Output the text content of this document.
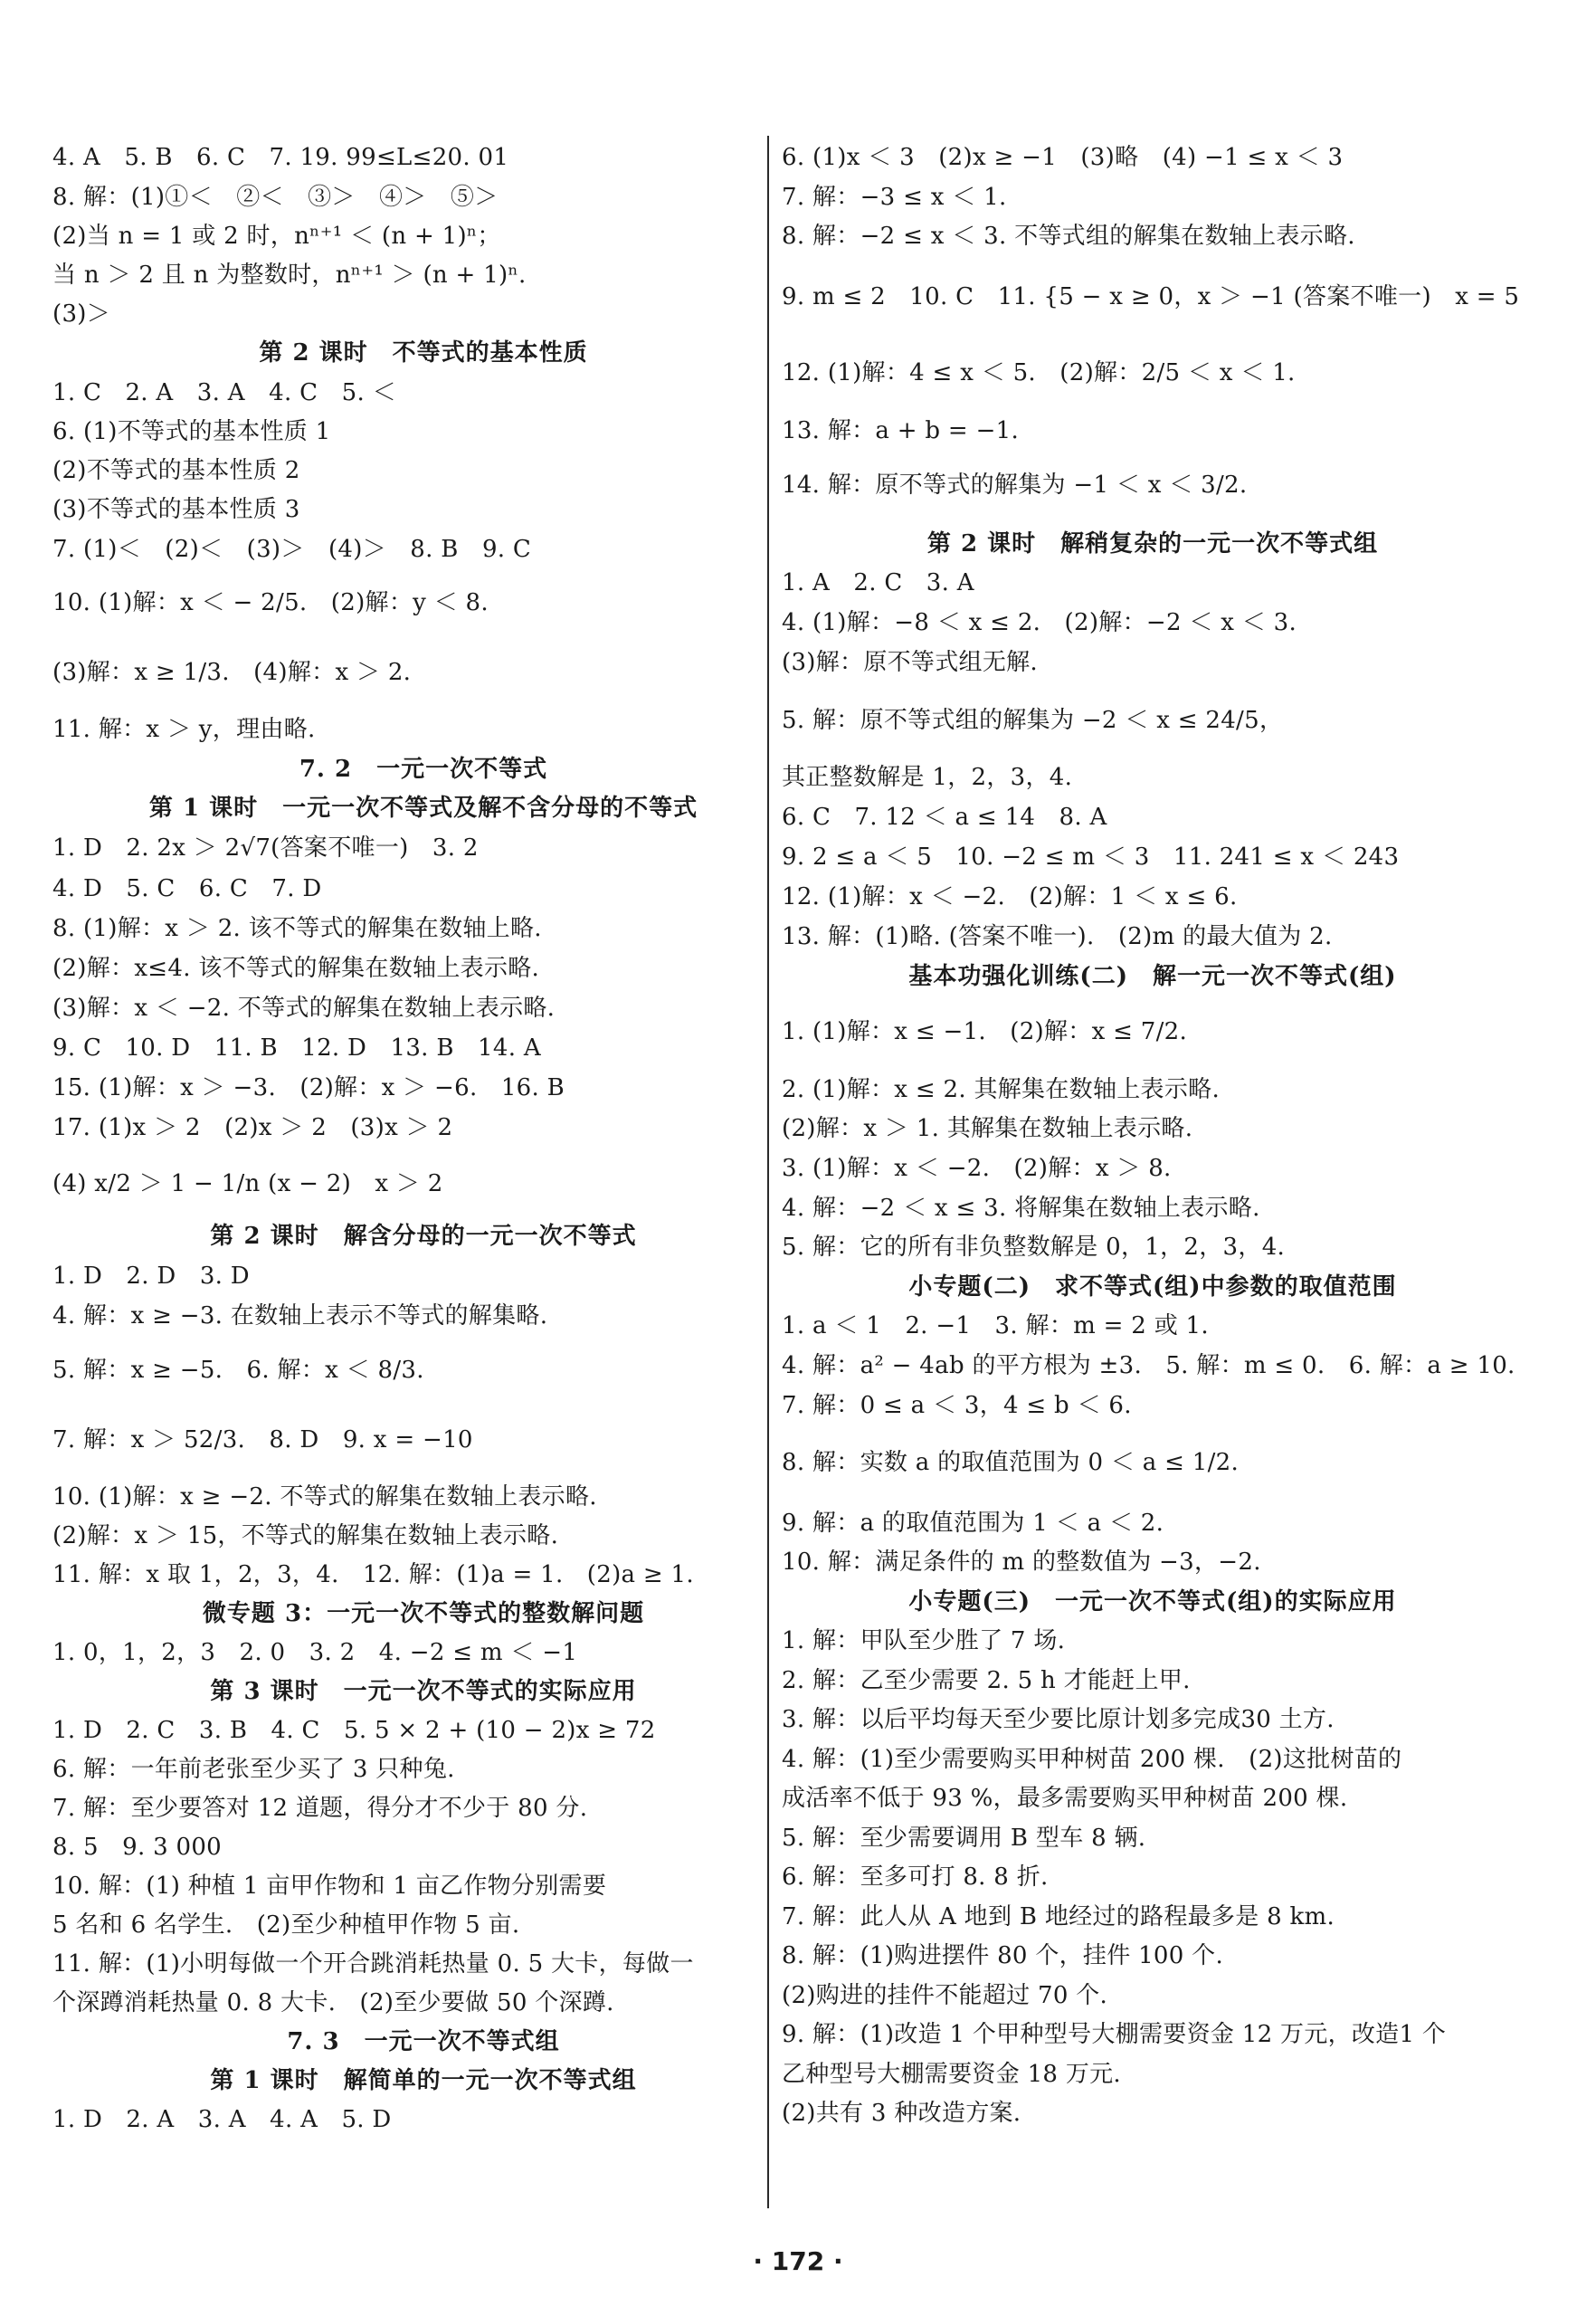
4. A　5. B　6. C　7. 19. 99≤L≤20. 01
8. 解：(1)①＜　②＜　③＞　④＞　⑤＞
(2)当 n = 1 或 2 时，nⁿ⁺¹ ＜ (n + 1)ⁿ；
当 n ＞ 2 且 n 为整数时，nⁿ⁺¹ ＞ (n + 1)ⁿ.
(3)＞
第 2 课时　不等式的基本性质
1. C　2. A　3. A　4. C　5. ＜
6. (1)不等式的基本性质 1
(2)不等式的基本性质 2
(3)不等式的基本性质 3
7. (1)＜　(2)＜　(3)＞　(4)＞　8. B　9. C
10. (1)解：x ＜ − 2/5.　(2)解：y ＜ 8.
(3)解：x ≥ 1/3.　(4)解：x ＞ 2.
11. 解：x ＞ y，理由略.
7. 2　一元一次不等式
第 1 课时　一元一次不等式及解不含分母的不等式
1. D　2. 2x ＞ 2√7(答案不唯一)　3. 2
4. D　5. C　6. C　7. D
8. (1)解：x ＞ 2. 该不等式的解集在数轴上略.
(2)解：x≤4. 该不等式的解集在数轴上表示略.
(3)解：x ＜ −2. 不等式的解集在数轴上表示略.
9. C　10. D　11. B　12. D　13. B　14. A
15. (1)解：x ＞ −3.　(2)解：x ＞ −6.　16. B
17. (1)x ＞ 2　(2)x ＞ 2　(3)x ＞ 2
(4) x/2 ＞ 1 − 1/n (x − 2)　x ＞ 2
第 2 课时　解含分母的一元一次不等式
1. D　2. D　3. D
4. 解：x ≥ −3. 在数轴上表示不等式的解集略.
5. 解：x ≥ −5.　6. 解：x ＜ 8/3.
7. 解：x ＞ 52/3.　8. D　9. x = −10
10. (1)解：x ≥ −2. 不等式的解集在数轴上表示略.
(2)解：x ＞ 15，不等式的解集在数轴上表示略.
11. 解：x 取 1，2，3，4.　12. 解：(1)a = 1.　(2)a ≥ 1.
微专题 3：一元一次不等式的整数解问题
1. 0，1，2，3　2. 0　3. 2　4. −2 ≤ m ＜ −1
第 3 课时　一元一次不等式的实际应用
1. D　2. C　3. B　4. C　5. 5 × 2 + (10 − 2)x ≥ 72
6. 解：一年前老张至少买了 3 只种兔.
7. 解：至少要答对 12 道题，得分才不少于 80 分.
8. 5　9. 3 000
10. 解：(1) 种植 1 亩甲作物和 1 亩乙作物分别需要
5 名和 6 名学生.　(2)至少种植甲作物 5 亩.
11. 解：(1)小明每做一个开合跳消耗热量 0. 5 大卡，每做一
个深蹲消耗热量 0. 8 大卡.　(2)至少要做 50 个深蹲.
7. 3　一元一次不等式组
第 1 课时　解简单的一元一次不等式组
1. D　2. A　3. A　4. A　5. D
6. (1)x ＜ 3　(2)x ≥ −1　(3)略　(4) −1 ≤ x ＜ 3
7. 解：−3 ≤ x ＜ 1.
8. 解：−2 ≤ x ＜ 3. 不等式组的解集在数轴上表示略.
9. m ≤ 2　10. C　11. {5 − x ≥ 0，x ＞ −1 (答案不唯一)　x = 5
12. (1)解：4 ≤ x ＜ 5.　(2)解：2/5 ＜ x ＜ 1.
13. 解：a + b = −1.
14. 解：原不等式的解集为 −1 ＜ x ＜ 3/2.
第 2 课时　解稍复杂的一元一次不等式组
1. A　2. C　3. A
4. (1)解：−8 ＜ x ≤ 2.　(2)解：−2 ＜ x ＜ 3.
(3)解：原不等式组无解.
5. 解：原不等式组的解集为 −2 ＜ x ≤ 24/5，
其正整数解是 1，2，3，4.
6. C　7. 12 ＜ a ≤ 14　8. A
9. 2 ≤ a ＜ 5　10. −2 ≤ m ＜ 3　11. 241 ≤ x ＜ 243
12. (1)解：x ＜ −2.　(2)解：1 ＜ x ≤ 6.
13. 解：(1)略. (答案不唯一).　(2)m 的最大值为 2.
基本功强化训练(二)　解一元一次不等式(组)
1. (1)解：x ≤ −1.　(2)解：x ≤ 7/2.
2. (1)解：x ≤ 2. 其解集在数轴上表示略.
(2)解：x ＞ 1. 其解集在数轴上表示略.
3. (1)解：x ＜ −2.　(2)解：x ＞ 8.
4. 解：−2 ＜ x ≤ 3. 将解集在数轴上表示略.
5. 解：它的所有非负整数解是 0，1，2，3，4.
小专题(二)　求不等式(组)中参数的取值范围
1. a ＜ 1　2. −1　3. 解：m = 2 或 1.
4. 解：a² − 4ab 的平方根为 ±3.　5. 解：m ≤ 0.　6. 解：a ≥ 10.
7. 解：0 ≤ a ＜ 3，4 ≤ b ＜ 6.
8. 解：实数 a 的取值范围为 0 ＜ a ≤ 1/2.
9. 解：a 的取值范围为 1 ＜ a ＜ 2.
10. 解：满足条件的 m 的整数值为 −3，−2.
小专题(三)　一元一次不等式(组)的实际应用
1. 解：甲队至少胜了 7 场.
2. 解：乙至少需要 2. 5 h 才能赶上甲.
3. 解：以后平均每天至少要比原计划多完成30 土方.
4. 解：(1)至少需要购买甲种树苗 200 棵.　(2)这批树苗的
成活率不低于 93 %，最多需要购买甲种树苗 200 棵.
5. 解：至少需要调用 B 型车 8 辆.
6. 解：至多可打 8. 8 折.
7. 解：此人从 A 地到 B 地经过的路程最多是 8 km.
8. 解：(1)购进摆件 80 个，挂件 100 个.
(2)购进的挂件不能超过 70 个.
9. 解：(1)改造 1 个甲种型号大棚需要资金 12 万元，改造1 个
乙种型号大棚需要资金 18 万元.
(2)共有 3 种改造方案.
· 172 ·
